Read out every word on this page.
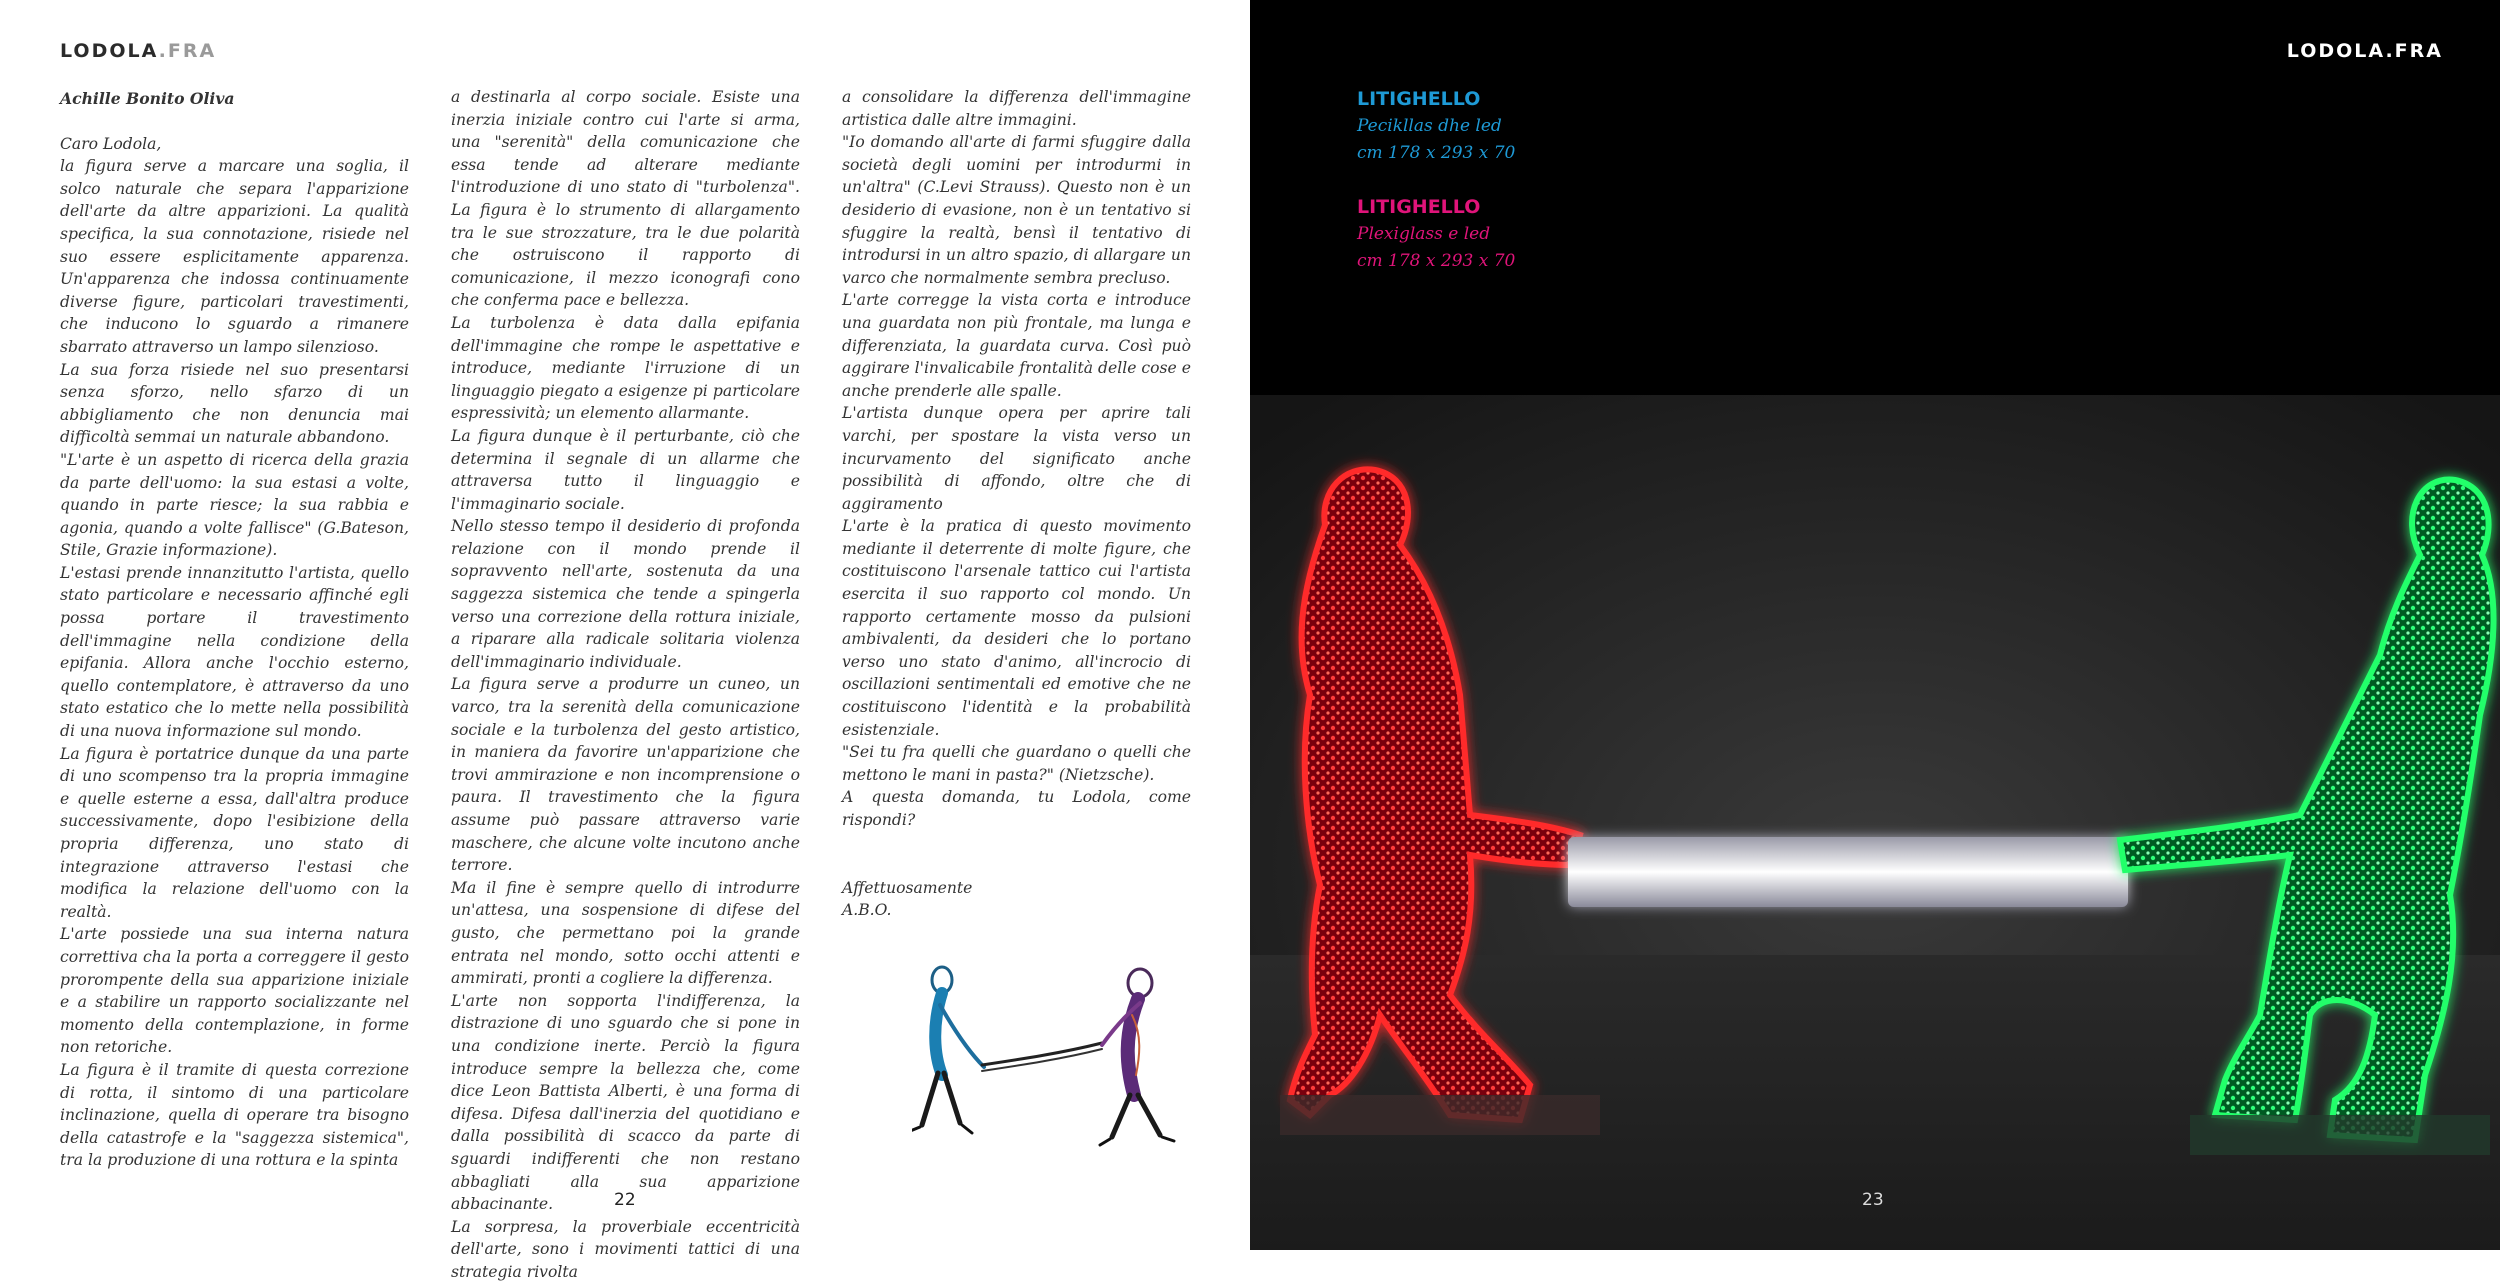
LODOLA.FRA

Achille Bonito Oliva

Caro Lodola,

la figura serve a marcare una soglia, il solco naturale che separa l'apparizione dell'arte da altre apparizioni. La qualità specifica, la sua connotazione, risiede nel suo essere esplicitamente apparenza. Un'apparenza che indossa continuamente diverse figure, particolari travestimenti, che inducono lo sguardo a rimanere sbarrato attraverso un lampo silenzioso.

La sua forza risiede nel suo presentarsi senza sforzo, nello sfarzo di un abbigliamento che non denuncia mai difficoltà semmai un naturale abbandono.

"L'arte è un aspetto di ricerca della grazia da parte dell'uomo: la sua estasi a volte, quando in parte riesce; la sua rabbia e agonia, quando a volte fallisce" (G.Bateson, Stile, Grazie informazione).

L'estasi prende innanzitutto l'artista, quello stato particolare e necessario affinché egli possa portare il travestimento dell'immagine nella condizione della epifania. Allora anche l'occhio esterno, quello contemplatore, è attraverso da uno stato estatico che lo mette nella possibilità di una nuova informazione sul mondo.

La figura è portatrice dunque da una parte di uno scompenso tra la propria immagine e quelle esterne a essa, dall'altra produce successivamente, dopo l'esibizione della propria differenza, uno stato di integrazione attraverso l'estasi che modifica la relazione dell'uomo con la realtà.

L'arte possiede una sua interna natura correttiva cha la porta a correggere il gesto prorompente della sua apparizione iniziale e a stabilire un rapporto socializzante nel momento della contemplazione, in forme non retoriche.

La figura è il tramite di questa correzione di rotta, il sintomo di una particolare inclinazione, quella di operare tra bisogno della catastrofe e la "saggezza sistemica", tra la produzione di una rottura e la spinta

a destinarla al corpo sociale. Esiste una inerzia iniziale contro cui l'arte si arma, una "serenità" della comunicazione che essa tende ad alterare mediante l'introduzione di uno stato di "turbolenza". La figura è lo strumento di allargamento tra le sue strozzature, tra le due polarità che ostruiscono il rapporto di comunicazione, il mezzo iconografi cono che conferma pace e bellezza.

La turbolenza è data dalla epifania dell'immagine che rompe le aspettative e introduce, mediante l'irruzione di un linguaggio piegato a esigenze pi particolare espressività; un elemento allarmante.

La figura dunque è il perturbante, ciò che determina il segnale di un allarme che attraversa tutto il linguaggio e l'immaginario sociale.

Nello stesso tempo il desiderio di profonda relazione con il mondo prende il sopravvento nell'arte, sostenuta da una saggezza sistemica che tende a spingerla verso una correzione della rottura iniziale, a riparare alla radicale solitaria violenza dell'immaginario individuale.

La figura serve a produrre un cuneo, un varco, tra la serenità della comunicazione sociale e la turbolenza del gesto artistico, in maniera da favorire un'apparizione che trovi ammirazione e non incomprensione o paura. Il travestimento che la figura assume può passare attraverso varie maschere, che alcune volte incutono anche terrore.

Ma il fine è sempre quello di introdurre un'attesa, una sospensione di difese del gusto, che permettano poi la grande entrata nel mondo, sotto occhi attenti e ammirati, pronti a cogliere la differenza.

L'arte non sopporta l'indifferenza, la distrazione di uno sguardo che si pone in una condizione inerte. Perciò la figura introduce sempre la bellezza che, come dice Leon Battista Alberti, è una forma di difesa. Difesa dall'inerzia del quotidiano e dalla possibilità di scacco da parte di sguardi indifferenti che non restano abbagliati alla sua apparizione abbacinante.

La sorpresa, la proverbiale eccentricità dell'arte, sono i movimenti tattici di una strategia rivolta

a consolidare la differenza dell'immagine artistica dalle altre immagini.

"Io domando all'arte di farmi sfuggire dalla società degli uomini per introdurmi in un'altra" (C.Levi Strauss). Questo non è un desiderio di evasione, non è un tentativo si sfuggire la realtà, bensì il tentativo di introdursi in un altro spazio, di allargare un varco che normalmente sembra precluso.

L'arte corregge la vista corta e introduce una guardata non più frontale, ma lunga e differenziata, la guardata curva. Così può aggirare l'invalicabile frontalità delle cose e anche prenderle alle spalle.

L'artista dunque opera per aprire tali varchi, per spostare la vista verso un incurvamento del significato anche possibilità di affondo, oltre che di aggiramento

L'arte è la pratica di questo movimento mediante il deterrente di molte figure, che costituiscono l'arsenale tattico cui l'artista esercita il suo rapporto col mondo. Un rapporto certamente mosso da pulsioni ambivalenti, da desideri che lo portano verso uno stato d'animo, all'incrocio di oscillazioni sentimentali ed emotive che ne costituiscono l'identità e la probabilità esistenziale.

"Sei tu fra quelli che guardano o quelli che mettono le mani in pasta?" (Nietzsche).

A questa domanda, tu Lodola, come rispondi?

Affettuosamente

A.B.O.

22
LODOLA.FRA
LITIGHELLO
Pecikllas dhe led
cm 178 x 293 x 70
LITIGHELLO
Plexiglass e led
cm 178 x 293 x 70
23
